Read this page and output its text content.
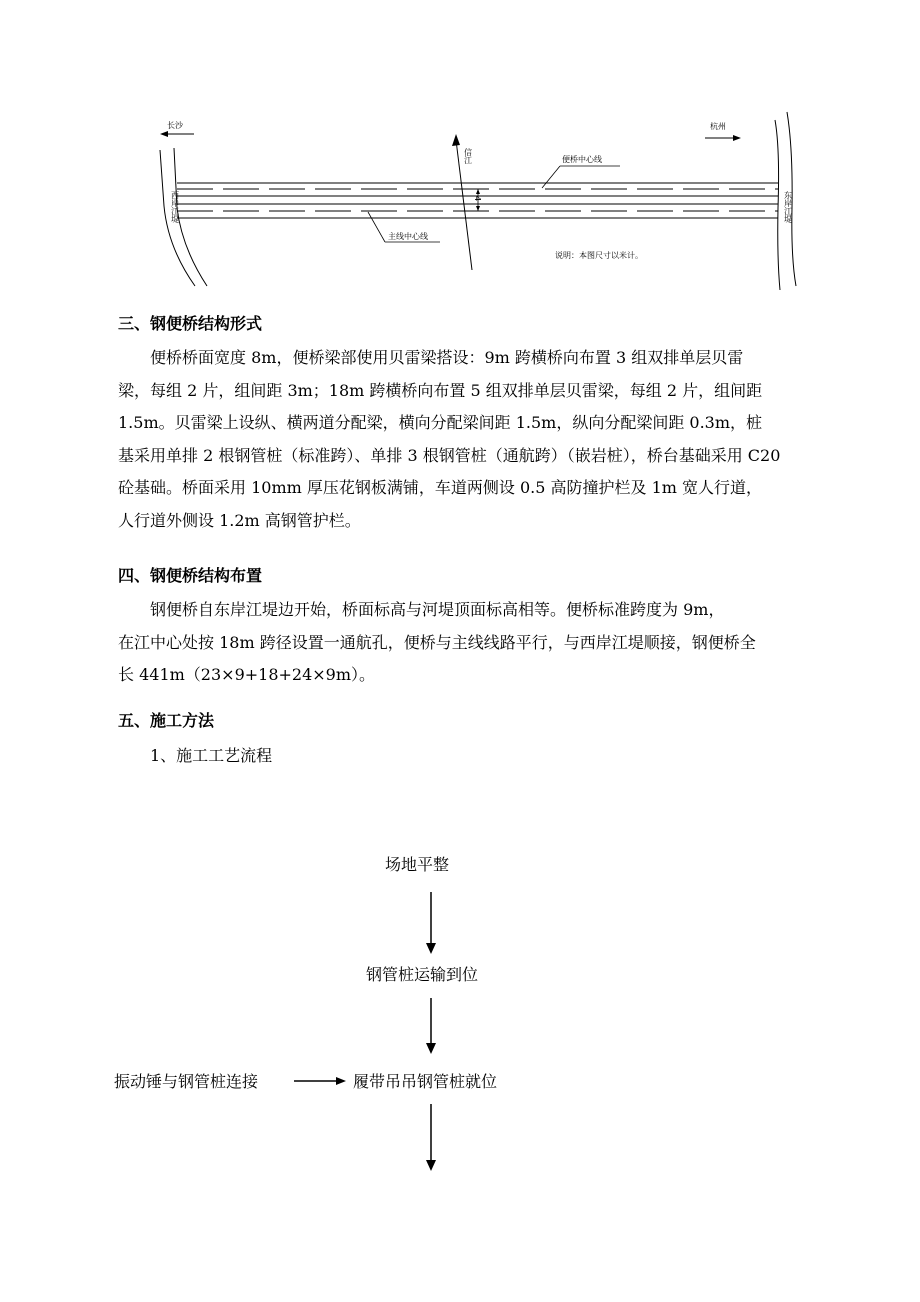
长沙	杭州
便桥中心线
主线中心线
4
说明：本图尺寸以米计。
信江
西岸江堤	东岸江堤
三、钢便桥结构形式
便桥桥面宽度 8m，便桥梁部使用贝雷梁搭设：9m 跨横桥向布置 3 组双排单层贝雷
梁，每组 2 片，组间距 3m；18m 跨横桥向布置 5 组双排单层贝雷梁，每组 2 片，组间距
1.5m。贝雷梁上设纵、横两道分配梁，横向分配梁间距 1.5m，纵向分配梁间距 0.3m，桩
基采用单排 2 根钢管桩（标准跨）、单排 3 根钢管桩（通航跨）（嵌岩桩），桥台基础采用 C20
砼基础。桥面采用 10mm 厚压花钢板满铺，车道两侧设 0.5 高防撞护栏及 1m 宽人行道，
人行道外侧设 1.2m 高钢管护栏。
四、钢便桥结构布置
钢便桥自东岸江堤边开始，桥面标高与河堤顶面标高相等。便桥标准跨度为 9m，
在江中心处按 18m 跨径设置一通航孔，便桥与主线线路平行，与西岸江堤顺接，钢便桥全
长 441m（23×9+18+24×9m）。
五、施工方法
1、施工工艺流程
场地平整
钢管桩运输到位
振动锤与钢管桩连接	履带吊吊钢管桩就位
